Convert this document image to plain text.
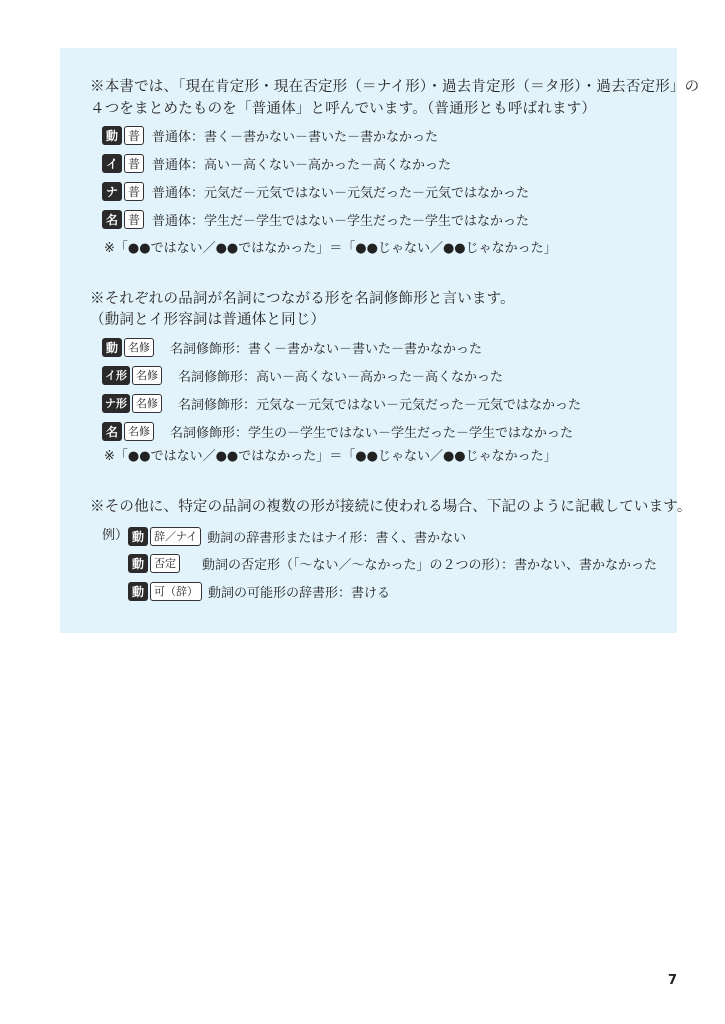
※本書では、「現在肯定形・現在否定形（＝ナイ形）・過去肯定形（＝タ形）・過去否定形」の
４つをまとめたものを「普通体」と呼んでいます。（普通形とも呼ばれます）
動 普 普通体：書く－書かない－書いた－書かなかった
イ 普 普通体：高い－高くない－高かった－高くなかった
ナ 普 普通体：元気だ－元気ではない－元気だった－元気ではなかった
名 普 普通体：学生だ－学生ではない－学生だった－学生ではなかった
※「●●ではない／●●ではなかった」＝「●●じゃない／●●じゃなかった」
※それぞれの品詞が名詞につながる形を名詞修飾形と言います。
（動詞とイ形容詞は普通体と同じ）
動 名修	名詞修飾形：書く－書かない－書いた－書かなかった
イ形 名修	名詞修飾形：高い－高くない－高かった－高くなかった
ナ形 名修	名詞修飾形：元気な－元気ではない－元気だった－元気ではなかった
名 名修	名詞修飾形：学生の－学生ではない－学生だった－学生ではなかった
※「●●ではない／●●ではなかった」＝「●●じゃない／●●じゃなかった」
※その他に、特定の品詞の複数の形が接続に使われる場合、下記のように記載しています。
例） 動 辞／ナイ 動詞の辞書形またはナイ形：書く、書かない
動 否定	動詞の否定形（「～ない／～なかった」の２つの形）：書かない、書かなかった
動 可（辞） 動詞の可能形の辞書形：書ける
7
